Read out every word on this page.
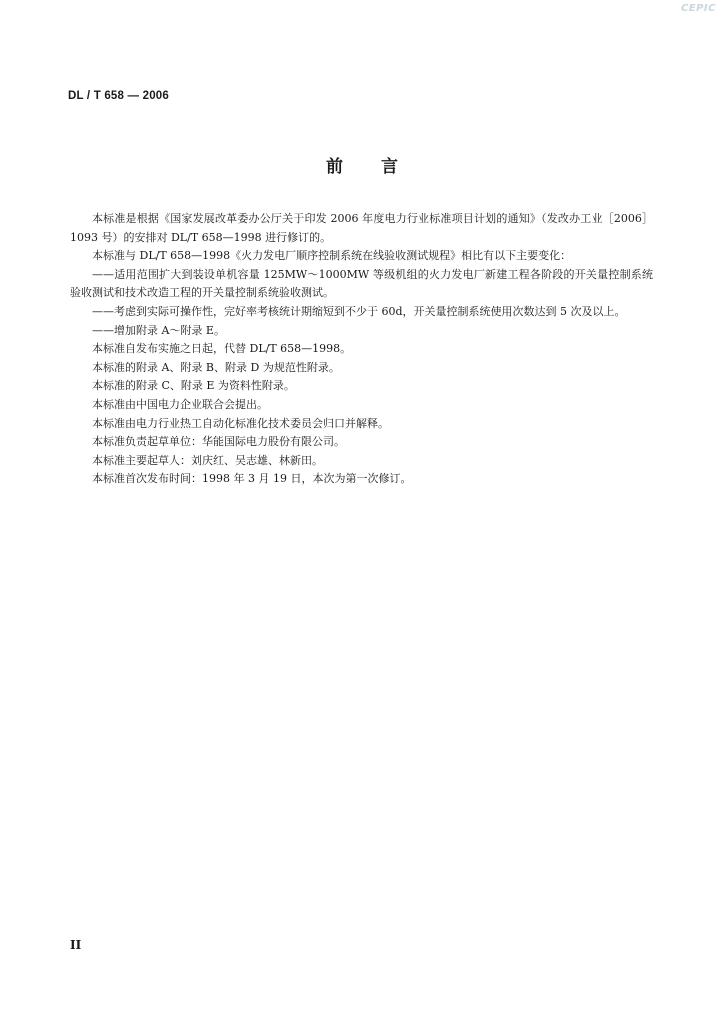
CEPIC
DL / T 658 — 2006
前言

本标准是根据《国家发展改革委办公厅关于印发 2006 年度电力行业标准项目计划的通知》（发改办工业［2006］1093 号）的安排对 DL/T 658—1998 进行修订的。

本标准与 DL/T 658—1998《火力发电厂顺序控制系统在线验收测试规程》相比有以下主要变化：

——适用范围扩大到装设单机容量 125MW～1000MW 等级机组的火力发电厂新建工程各阶段的开关量控制系统验收测试和技术改造工程的开关量控制系统验收测试。

——考虑到实际可操作性，完好率考核统计期缩短到不少于 60d，开关量控制系统使用次数达到 5 次及以上。

——增加附录 A～附录 E。

本标准自发布实施之日起，代替 DL/T 658—1998。

本标准的附录 A、附录 B、附录 D 为规范性附录。

本标准的附录 C、附录 E 为资料性附录。

本标准由中国电力企业联合会提出。

本标准由电力行业热工自动化标准化技术委员会归口并解释。

本标准负责起草单位：华能国际电力股份有限公司。

本标准主要起草人：刘庆红、吴志雄、林新田。

本标准首次发布时间：1998 年 3 月 19 日，本次为第一次修订。

II
